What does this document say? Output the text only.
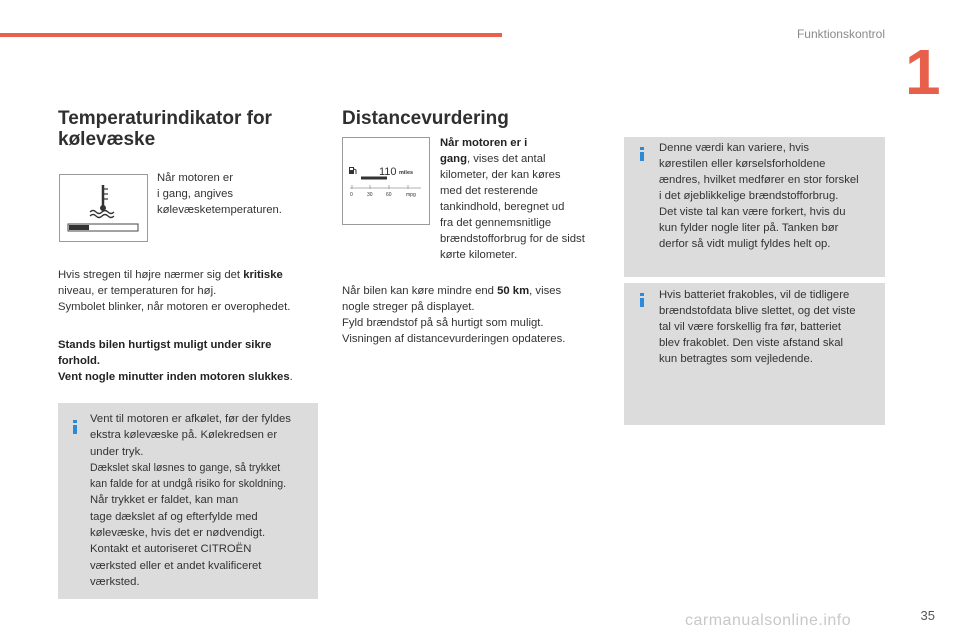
Funktionskontrol
1
Temperaturindikator for
kølevæske
Når motoren er
i gang, angives
kølevæsketemperaturen.
Hvis stregen til højre nærmer sig det kritiske
niveau, er temperaturen for høj.
Symbolet blinker, når motoren er overophedet.
Stands bilen hurtigst muligt under sikre
forhold.
Vent nogle minutter inden motoren slukkes.
Vent til motoren er afkølet, før der fyldes
ekstra kølevæske på. Kølekredsen er
under tryk.
Dækslet skal løsnes to gange, så trykket
kan falde for at undgå risiko for skoldning.
Når trykket er faldet, kan man
tage dækslet af og efterfylde med
kølevæske, hvis det er nødvendigt.
Kontakt et autoriseret CITROËN
værksted eller et andet kvalificeret
værksted.
Distancevurdering
110 miles
0	30	60	mpg
Når motoren er i
gang, vises det antal
kilometer, der kan køres
med det resterende
tankindhold, beregnet ud
fra det gennemsnitlige
brændstofforbrug for de sidst
kørte kilometer.
Når bilen kan køre mindre end 50 km, vises
nogle streger på displayet.
Fyld brændstof på så hurtigt som muligt.
Visningen af distancevurderingen opdateres.
Denne værdi kan variere, hvis
kørestilen eller kørselsforholdene
ændres, hvilket medfører en stor forskel
i det øjeblikkelige brændstofforbrug.
Det viste tal kan være forkert, hvis du
kun fylder nogle liter på. Tanken bør
derfor så vidt muligt fyldes helt op.
Hvis batteriet frakobles, vil de tidligere
brændstofdata blive slettet, og det viste
tal vil være forskellig fra før, batteriet
blev frakoblet. Den viste afstand skal
kun betragtes som vejledende.
carmanualsonline.info	35
